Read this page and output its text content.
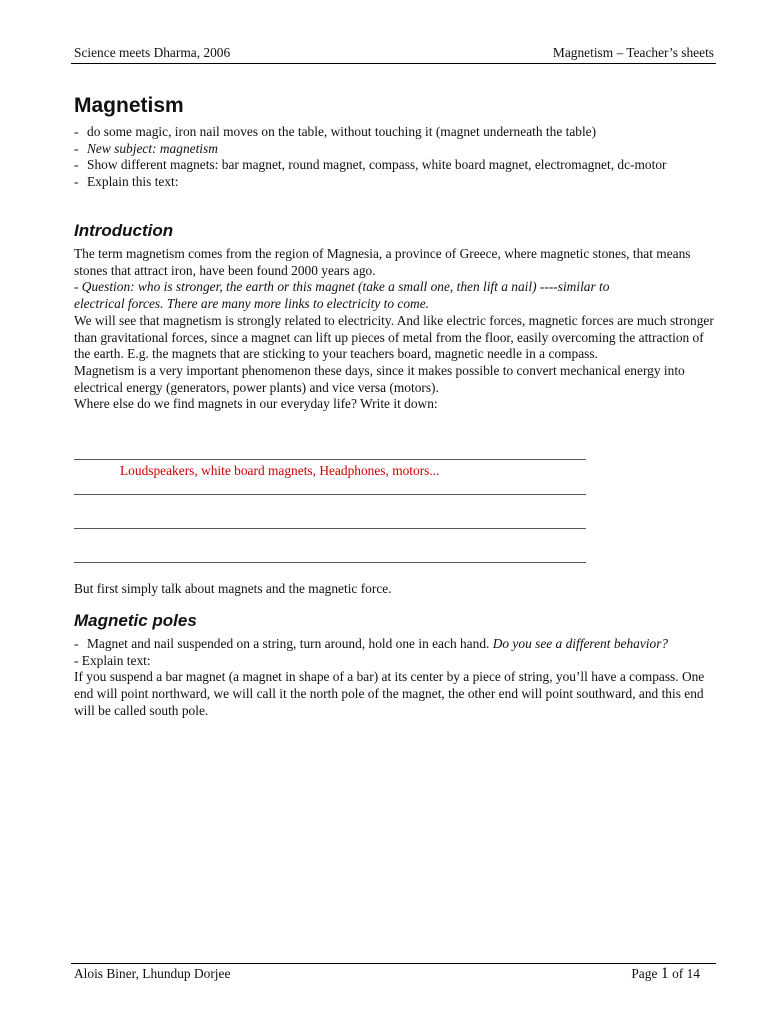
Science meets Dharma, 2006	Magnetism – Teacher’s sheets
Magnetism
- do some magic, iron nail moves on the table, without touching it (magnet underneath the table)
- New subject: magnetism
- Show different magnets: bar magnet, round magnet, compass, white board magnet, electromagnet, dc-motor
- Explain this text:
Introduction

The term magnetism comes from the region of Magnesia, a province of Greece, where magnetic stones, that means stones that attract iron, have been found 2000 years ago.

- Question: who is stronger, the earth or this magnet (take a small one, then lift a nail) ----similar to
electrical forces. There are many more links to electricity to come.

We will see that magnetism is strongly related to electricity. And like electric forces, magnetic forces are much stronger than gravitational forces, since a magnet can lift up pieces of metal from the floor, easily overcoming the attraction of the earth. E.g. the magnets that are sticking to your teachers board, magnetic needle in a compass.

Magnetism is a very important phenomenon these days, since it makes possible to convert mechanical energy into electrical energy (generators, power plants) and vice versa (motors).

Where else do we find magnets in our everyday life? Write it down:

Loudspeakers, white board magnets, Headphones, motors...
But first simply talk about magnets and the magnetic force.
Magnetic poles
- Magnet and nail suspended on a string, turn around, hold one in each hand. Do you see a different behavior?

- Explain text:

If you suspend a bar magnet (a magnet in shape of a bar) at its center by a piece of string, you’ll have a compass. One end will point northward, we will call it the north pole of the magnet, the other end will point southward, and this end will be called south pole.

Alois Biner, Lhundup Dorjee	Page 1 of 14
